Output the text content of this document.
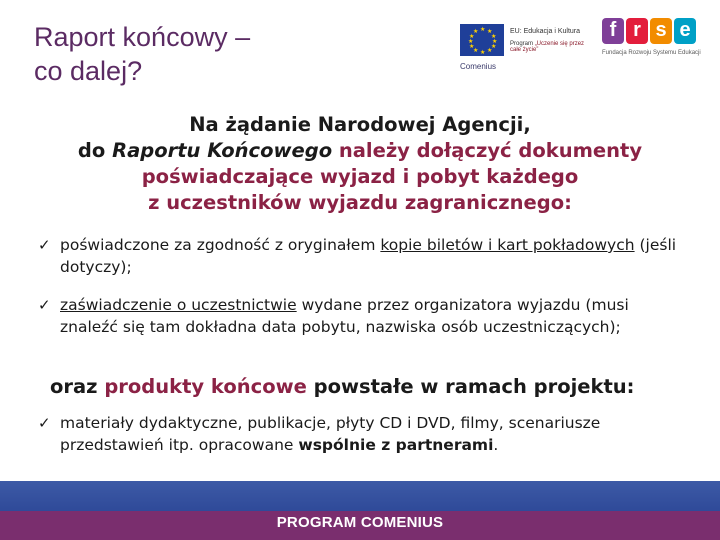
Raport końcowy –
co dalej?
★ ★
★
★
★
★
★
★
★
★
★
★	EU: Edukacja i Kultura
Program „Uczenie się przez całe życie”
Comenius
f r s e
Fundacja Rozwoju Systemu Edukacji
Na żądanie Narodowej Agencji,
do Raportu Końcowego należy dołączyć dokumenty
poświadczające wyjazd i pobyt każdego
z uczestników wyjazdu zagranicznego:
✓ poświadczone za zgodność z oryginałem kopie biletów i kart pokładowych (jeśli dotyczy);
✓ zaświadczenie o uczestnictwie wydane przez organizatora wyjazdu (musi znaleźć się tam dokładna data pobytu, nazwiska osób uczestniczących);
oraz produkty końcowe powstałe w ramach projektu:
✓ materiały dydaktyczne, publikacje, płyty CD i DVD, filmy, scenariusze przedstawień itp. opracowane wspólnie z partnerami.
PROGRAM COMENIUS
